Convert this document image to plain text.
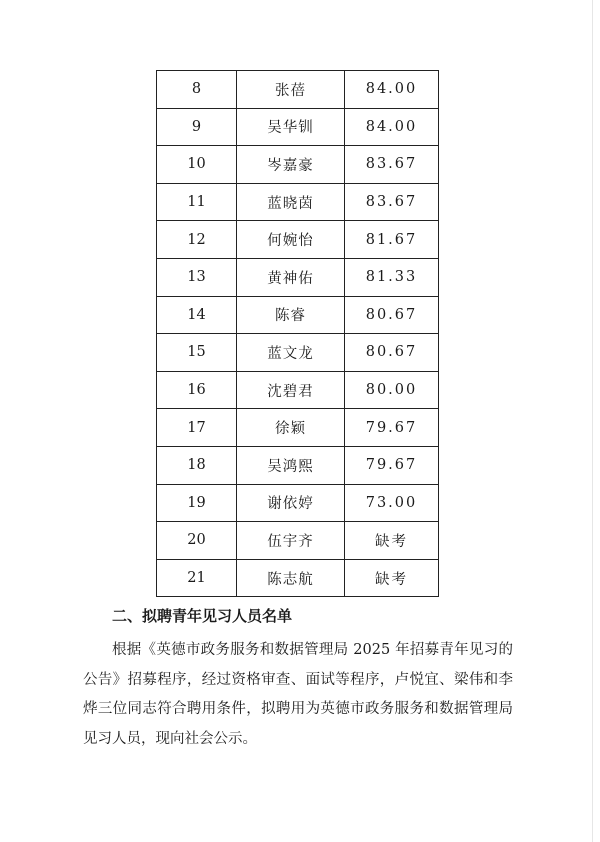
8	张蓓	84.00
9	吴华钏	84.00
10	岑嘉豪	83.67
11	蓝晓茵	83.67
12	何婉怡	81.67
13	黄神佑	81.33
14	陈睿	80.67
15	蓝文龙	80.67
16	沈碧君	80.00
17	徐颖	79.67
18	吴鸿熙	79.67
19	谢依婷	73.00
20	伍宇齐	缺考
21	陈志航	缺考
二、拟聘青年见习人员名单

根据《英德市政务服务和数据管理局 2025 年招募青年见习的公告》招募程序，经过资格审查、面试等程序，卢悦宜、梁伟和李烨三位同志符合聘用条件，拟聘用为英德市政务服务和数据管理局见习人员，现向社会公示。
